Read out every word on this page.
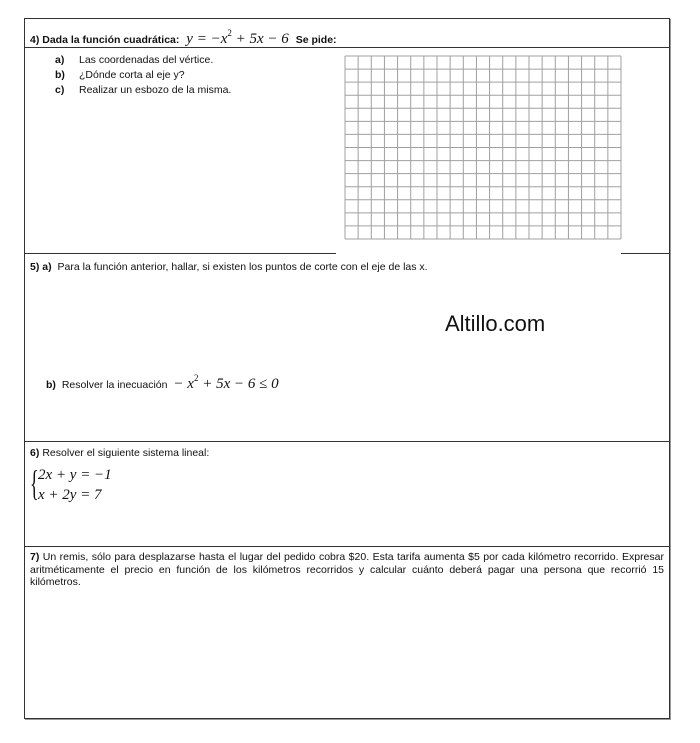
4) Dada la función cuadrática: $y = -x^2 + 5x - 6$ Se pide:
a) Las coordenadas del vértice.
b) ¿Dónde corta al eje y?
c) Realizar un esbozo de la misma.
5) a) Para la función anterior, hallar, si existen los puntos de corte con el eje de las x.
Altillo.com
b) Resolver la inecuación − $x^2 + 5x - 6 \le 0$
6) Resolver el siguiente sistema lineal:
{ 2x + y = −1
x + 2y = 7
7) Un remis, sólo para desplazarse hasta el lugar del pedido cobra $20. Esta tarifa aumenta $5 por cada kilómetro recorrido. Expresar aritméticamente el precio en función de los kilómetros recorridos y calcular cuánto deberá pagar una persona que recorrió 15 kilómetros.
